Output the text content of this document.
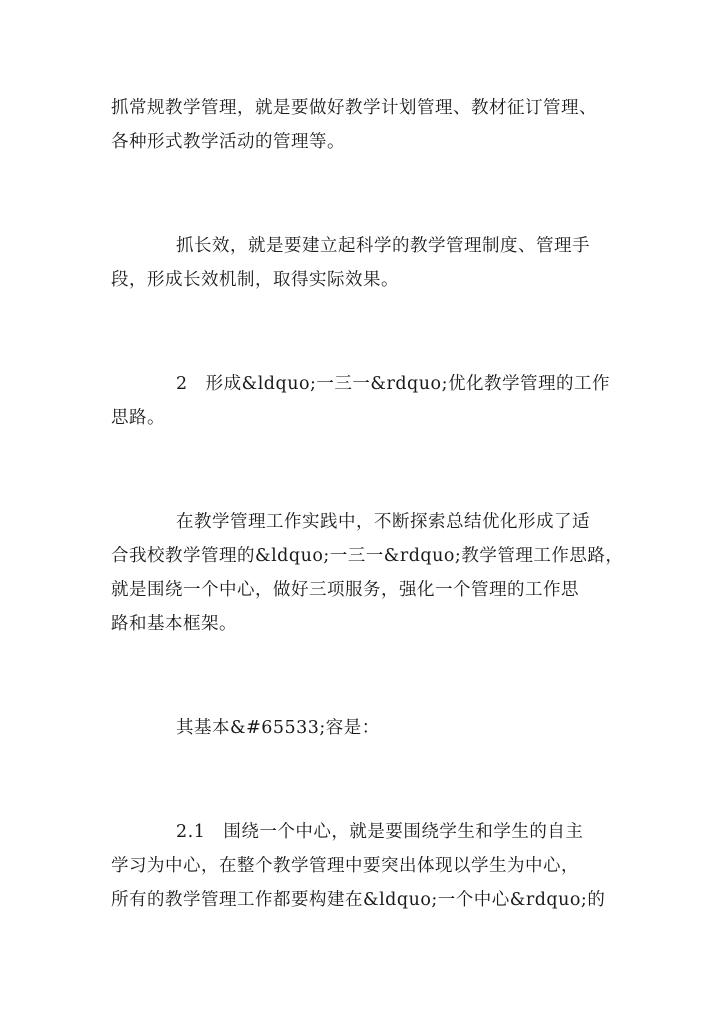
抓常规教学管理，就是要做好教学计划管理、教材征订管理、

各种形式教学活动的管理等。

抓长效，就是要建立起科学的教学管理制度、管理手

段，形成长效机制，取得实际效果。

2　形成&ldquo;一三一&rdquo;优化教学管理的工作

思路。

在教学管理工作实践中，不断探索总结优化形成了适

合我校教学管理的&ldquo;一三一&rdquo;教学管理工作思路，

就是围绕一个中心，做好三项服务，强化一个管理的工作思

路和基本框架。

其基本&#65533;容是：

2.1　围绕一个中心，就是要围绕学生和学生的自主

学习为中心，在整个教学管理中要突出体现以学生为中心，

所有的教学管理工作都要构建在&ldquo;一个中心&rdquo;的
